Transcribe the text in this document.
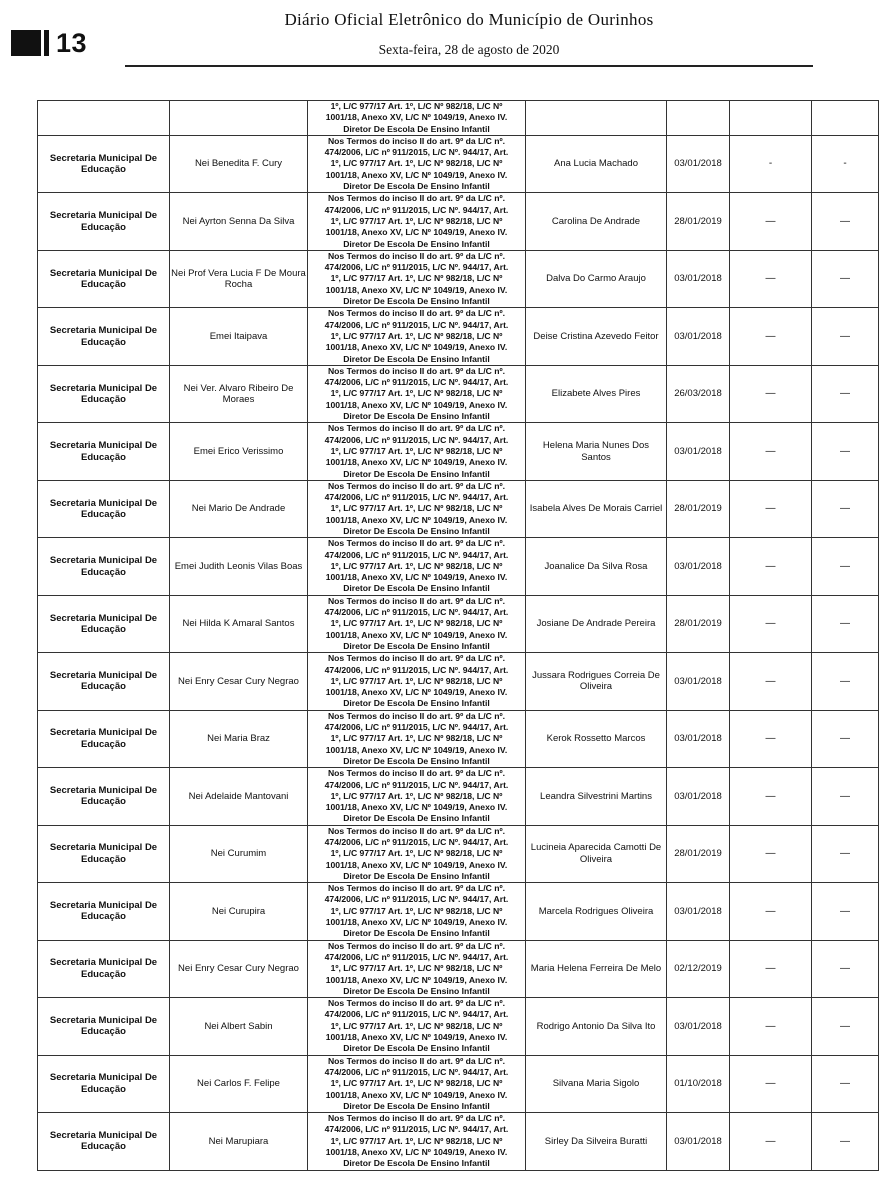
13
Diário Oficial Eletrônico do Município de Ourinhos
Sexta-feira, 28 de agosto de 2020

		1º, L/C 977/17 Art. 1º, L/C Nº 982/18, L/C Nº
1001/18, Anexo XV, L/C Nº 1049/19, Anexo IV.
Diretor De Escola De Ensino Infantil				

Secretaria Municipal De Educação	Nei Benedita F. Cury	Nos Termos do inciso II do art. 9º da L/C nº.
474/2006, L/C nº 911/2015, L/C Nº. 944/17, Art.
1º, L/C 977/17 Art. 1º, L/C Nº 982/18, L/C Nº
1001/18, Anexo XV, L/C Nº 1049/19, Anexo IV.
Diretor De Escola De Ensino Infantil	Ana Lucia Machado	03/01/2018	-	-
Secretaria Municipal De Educação	Nei Ayrton Senna Da Silva	Nos Termos do inciso II do art. 9º da L/C nº.
474/2006, L/C nº 911/2015, L/C Nº. 944/17, Art.
1º, L/C 977/17 Art. 1º, L/C Nº 982/18, L/C Nº
1001/18, Anexo XV, L/C Nº 1049/19, Anexo IV.
Diretor De Escola De Ensino Infantil	Carolina De Andrade	28/01/2019	—	—
Secretaria Municipal De Educação	Nei Prof Vera Lucia F De Moura Rocha	Nos Termos do inciso II do art. 9º da L/C nº.
474/2006, L/C nº 911/2015, L/C Nº. 944/17, Art.
1º, L/C 977/17 Art. 1º, L/C Nº 982/18, L/C Nº
1001/18, Anexo XV, L/C Nº 1049/19, Anexo IV.
Diretor De Escola De Ensino Infantil	Dalva Do Carmo Araujo	03/01/2018	—	—
Secretaria Municipal De Educação	Emei Itaipava	Nos Termos do inciso II do art. 9º da L/C nº.
474/2006, L/C nº 911/2015, L/C Nº. 944/17, Art.
1º, L/C 977/17 Art. 1º, L/C Nº 982/18, L/C Nº
1001/18, Anexo XV, L/C Nº 1049/19, Anexo IV.
Diretor De Escola De Ensino Infantil	Deise Cristina Azevedo Feitor	03/01/2018	—	—
Secretaria Municipal De Educação	Nei Ver. Alvaro Ribeiro De Moraes	Nos Termos do inciso II do art. 9º da L/C nº.
474/2006, L/C nº 911/2015, L/C Nº. 944/17, Art.
1º, L/C 977/17 Art. 1º, L/C Nº 982/18, L/C Nº
1001/18, Anexo XV, L/C Nº 1049/19, Anexo IV.
Diretor De Escola De Ensino Infantil	Elizabete Alves Pires	26/03/2018	—	—
Secretaria Municipal De Educação	Emei Erico Verissimo	Nos Termos do inciso II do art. 9º da L/C nº.
474/2006, L/C nº 911/2015, L/C Nº. 944/17, Art.
1º, L/C 977/17 Art. 1º, L/C Nº 982/18, L/C Nº
1001/18, Anexo XV, L/C Nº 1049/19, Anexo IV.
Diretor De Escola De Ensino Infantil	Helena Maria Nunes Dos Santos	03/01/2018	—	—
Secretaria Municipal De Educação	Nei Mario De Andrade	Nos Termos do inciso II do art. 9º da L/C nº.
474/2006, L/C nº 911/2015, L/C Nº. 944/17, Art.
1º, L/C 977/17 Art. 1º, L/C Nº 982/18, L/C Nº
1001/18, Anexo XV, L/C Nº 1049/19, Anexo IV.
Diretor De Escola De Ensino Infantil	Isabela Alves De Morais Carriel	28/01/2019	—	—
Secretaria Municipal De Educação	Emei Judith Leonis Vilas Boas	Nos Termos do inciso II do art. 9º da L/C nº.
474/2006, L/C nº 911/2015, L/C Nº. 944/17, Art.
1º, L/C 977/17 Art. 1º, L/C Nº 982/18, L/C Nº
1001/18, Anexo XV, L/C Nº 1049/19, Anexo IV.
Diretor De Escola De Ensino Infantil	Joanalice Da Silva Rosa	03/01/2018	—	—
Secretaria Municipal De Educação	Nei Hilda K Amaral Santos	Nos Termos do inciso II do art. 9º da L/C nº.
474/2006, L/C nº 911/2015, L/C Nº. 944/17, Art.
1º, L/C 977/17 Art. 1º, L/C Nº 982/18, L/C Nº
1001/18, Anexo XV, L/C Nº 1049/19, Anexo IV.
Diretor De Escola De Ensino Infantil	Josiane De Andrade Pereira	28/01/2019	—	—
Secretaria Municipal De Educação	Nei Enry Cesar Cury Negrao	Nos Termos do inciso II do art. 9º da L/C nº.
474/2006, L/C nº 911/2015, L/C Nº. 944/17, Art.
1º, L/C 977/17 Art. 1º, L/C Nº 982/18, L/C Nº
1001/18, Anexo XV, L/C Nº 1049/19, Anexo IV.
Diretor De Escola De Ensino Infantil	Jussara Rodrigues Correia De Oliveira	03/01/2018	—	—
Secretaria Municipal De Educação	Nei Maria Braz	Nos Termos do inciso II do art. 9º da L/C nº.
474/2006, L/C nº 911/2015, L/C Nº. 944/17, Art.
1º, L/C 977/17 Art. 1º, L/C Nº 982/18, L/C Nº
1001/18, Anexo XV, L/C Nº 1049/19, Anexo IV.
Diretor De Escola De Ensino Infantil	Kerok Rossetto Marcos	03/01/2018	—	—
Secretaria Municipal De Educação	Nei Adelaide Mantovani	Nos Termos do inciso II do art. 9º da L/C nº.
474/2006, L/C nº 911/2015, L/C Nº. 944/17, Art.
1º, L/C 977/17 Art. 1º, L/C Nº 982/18, L/C Nº
1001/18, Anexo XV, L/C Nº 1049/19, Anexo IV.
Diretor De Escola De Ensino Infantil	Leandra Silvestrini Martins	03/01/2018	—	—
Secretaria Municipal De Educação	Nei Curumim	Nos Termos do inciso II do art. 9º da L/C nº.
474/2006, L/C nº 911/2015, L/C Nº. 944/17, Art.
1º, L/C 977/17 Art. 1º, L/C Nº 982/18, L/C Nº
1001/18, Anexo XV, L/C Nº 1049/19, Anexo IV.
Diretor De Escola De Ensino Infantil	Lucineia Aparecida Camotti De Oliveira	28/01/2019	—	—
Secretaria Municipal De Educação	Nei Curupira	Nos Termos do inciso II do art. 9º da L/C nº.
474/2006, L/C nº 911/2015, L/C Nº. 944/17, Art.
1º, L/C 977/17 Art. 1º, L/C Nº 982/18, L/C Nº
1001/18, Anexo XV, L/C Nº 1049/19, Anexo IV.
Diretor De Escola De Ensino Infantil	Marcela Rodrigues Oliveira	03/01/2018	—	—
Secretaria Municipal De Educação	Nei Enry Cesar Cury Negrao	Nos Termos do inciso II do art. 9º da L/C nº.
474/2006, L/C nº 911/2015, L/C Nº. 944/17, Art.
1º, L/C 977/17 Art. 1º, L/C Nº 982/18, L/C Nº
1001/18, Anexo XV, L/C Nº 1049/19, Anexo IV.
Diretor De Escola De Ensino Infantil	Maria Helena Ferreira De Melo	02/12/2019	—	—
Secretaria Municipal De Educação	Nei Albert Sabin	Nos Termos do inciso II do art. 9º da L/C nº.
474/2006, L/C nº 911/2015, L/C Nº. 944/17, Art.
1º, L/C 977/17 Art. 1º, L/C Nº 982/18, L/C Nº
1001/18, Anexo XV, L/C Nº 1049/19, Anexo IV.
Diretor De Escola De Ensino Infantil	Rodrigo Antonio Da Silva Ito	03/01/2018	—	—
Secretaria Municipal De Educação	Nei Carlos F. Felipe	Nos Termos do inciso II do art. 9º da L/C nº.
474/2006, L/C nº 911/2015, L/C Nº. 944/17, Art.
1º, L/C 977/17 Art. 1º, L/C Nº 982/18, L/C Nº
1001/18, Anexo XV, L/C Nº 1049/19, Anexo IV.
Diretor De Escola De Ensino Infantil	Silvana Maria Sigolo	01/10/2018	—	—
Secretaria Municipal De Educação	Nei Marupiara	Nos Termos do inciso II do art. 9º da L/C nº.
474/2006, L/C nº 911/2015, L/C Nº. 944/17, Art.
1º, L/C 977/17 Art. 1º, L/C Nº 982/18, L/C Nº
1001/18, Anexo XV, L/C Nº 1049/19, Anexo IV.
Diretor De Escola De Ensino Infantil	Sirley Da Silveira Buratti	03/01/2018	—	—
